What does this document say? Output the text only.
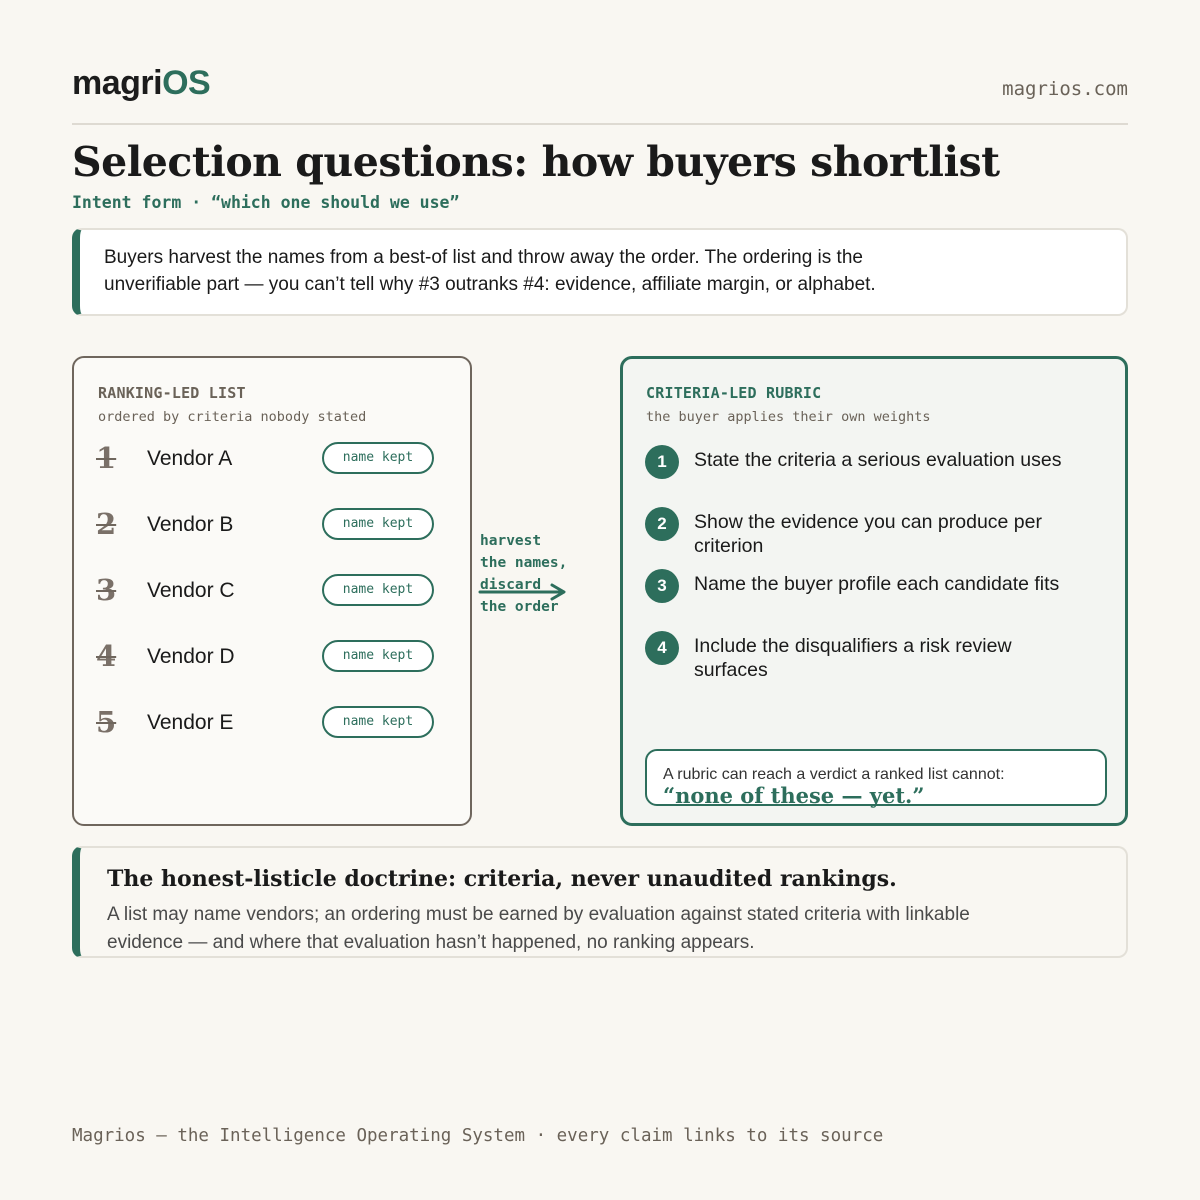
magriOS	magrios.com
Selection questions: how buyers shortlist
Intent form · “which one should we use”
Buyers harvest the names from a best-of list and throw away the order. The ordering is the
unverifiable part — you can’t tell why #3 outranks #4: evidence, affiliate margin, or alphabet.
RANKING-LED LIST
ordered by criteria nobody stated
1 Vendor A	name kept
2 Vendor B	name kept
3 Vendor C	name kept
4 Vendor D	name kept
5 Vendor E	name kept
harvest
the names,
discard
the order
CRITERIA-LED RUBRIC
the buyer applies their own weights
1	State the criteria a serious evaluation uses
2	Show the evidence you can produce per criterion
3	Name the buyer profile each candidate fits
4	Include the disqualifiers a risk review surfaces
A rubric can reach a verdict a ranked list cannot:
“none of these — yet.”
The honest-listicle doctrine: criteria, never unaudited rankings.
A list may name vendors; an ordering must be earned by evaluation against stated criteria with linkable
evidence — and where that evaluation hasn’t happened, no ranking appears.
Magrios — the Intelligence Operating System · every claim links to its source
